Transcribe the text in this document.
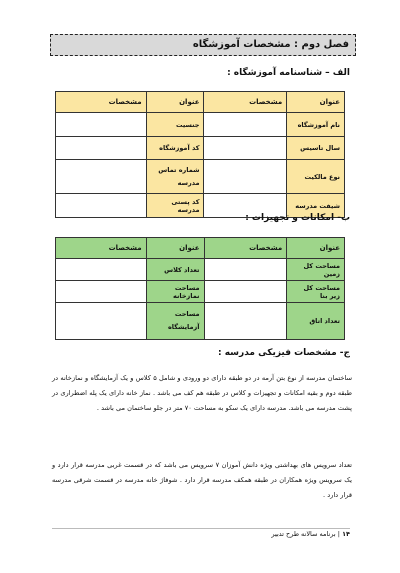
فصل دوم : مشخصات آموزشگاه
الف – شناسنامه آموزشگاه :
عنوان	مشخصات	عنوان	مشخصات
نام آموزشگاه		جنسیت	
سال تاسیس		کد آموزشگاه	
نوع مالکیت		شماره تماس مدرسه	
شیفت مدرسه		کد پستی مدرسه	
ب- امکانات و تجهیزات :
عنوان	مشخصات	عنوان	مشخصات
مساحت کل زمین		تعداد کلاس	
مساحت کل زیر بنا		مساحت نمازخانه	
تعداد اتاق		مساحت آزمایشگاه	
ج- مشخصات فیزیکی مدرسه :
ساختمان مدرسه از نوع بتن آرمه در دو طبقه دارای دو ورودی و شامل ۵ کلاس و یک آزمایشگاه و نمازخانه در طبقه دوم و بقیه امکانات و تجهیزات و کلاس در طبقه هم کف می باشد . نماز خانه دارای یک پله اضطراری در پشت مدرسه می باشد. مدرسه دارای یک سکو به مساحت ۷۰ متر در جلو ساختمان می باشد .
تعداد سرویس های بهداشتی ویژه دانش آموزان ۷ سرویس می باشد که در قسمت غربی مدرسه قرار دارد و یک سرویس ویژه همکاران در طبقه همکف مدرسه قرار دارد . شوفاژ خانه مدرسه در قسمت شرقی مدرسه قرار دارد .
۱۴ | برنامه سالانه طرح تدبیر
